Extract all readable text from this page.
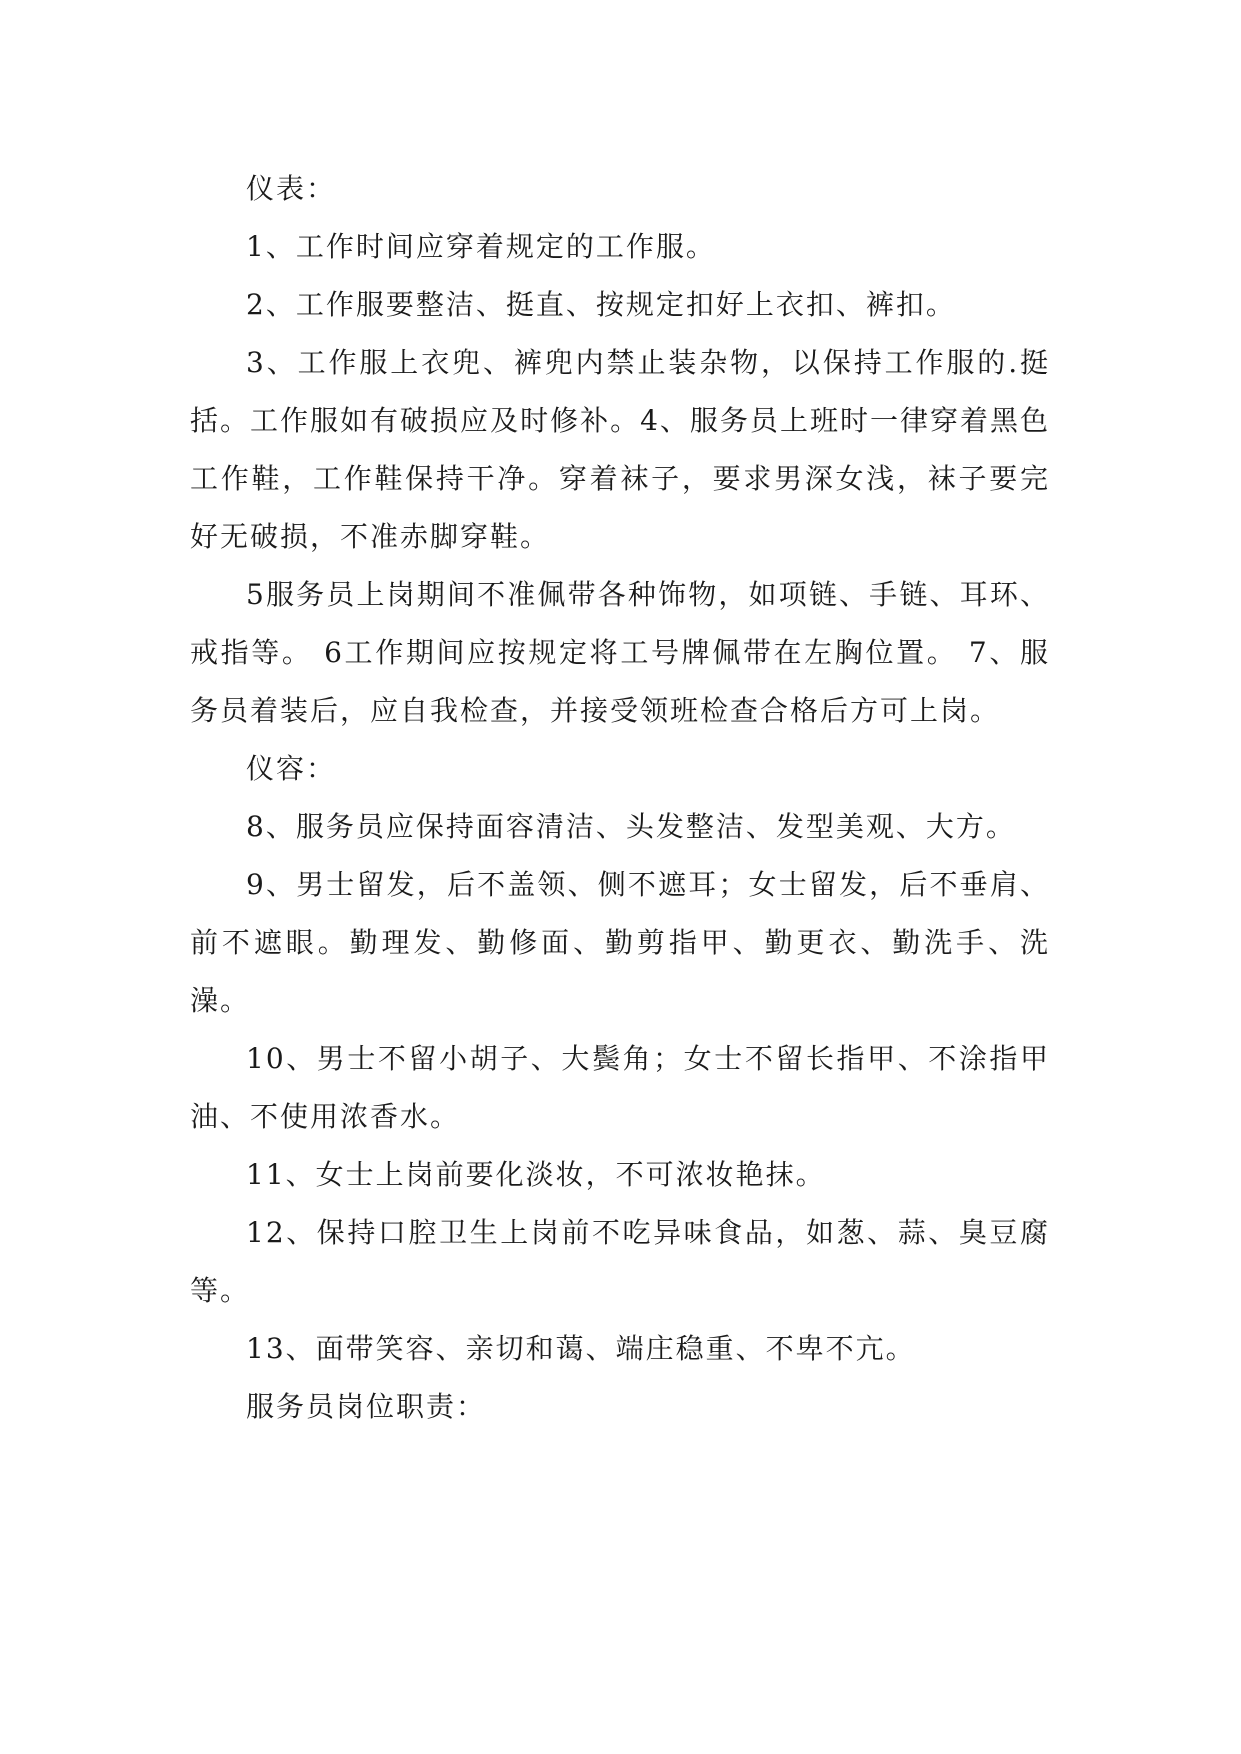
仪表：

1、工作时间应穿着规定的工作服。

2、工作服要整洁、挺直、按规定扣好上衣扣、裤扣。

3、工作服上衣兜、裤兜内禁止装杂物，以保持工作服的.挺括。工作服如有破损应及时修补。4、服务员上班时一律穿着黑色工作鞋，工作鞋保持干净。穿着袜子，要求男深女浅，袜子要完好无破损，不准赤脚穿鞋。

5服务员上岗期间不准佩带各种饰物，如项链、手链、耳环、戒指等。 6工作期间应按规定将工号牌佩带在左胸位置。 7、服务员着装后，应自我检查，并接受领班检查合格后方可上岗。

仪容：

8、服务员应保持面容清洁、头发整洁、发型美观、大方。

9、男士留发，后不盖领、侧不遮耳；女士留发，后不垂肩、前不遮眼。勤理发、勤修面、勤剪指甲、勤更衣、勤洗手、洗澡。

10、男士不留小胡子、大鬓角；女士不留长指甲、不涂指甲油、不使用浓香水。

11、女士上岗前要化淡妆，不可浓妆艳抹。

12、保持口腔卫生上岗前不吃异味食品，如葱、蒜、臭豆腐等。

13、面带笑容、亲切和蔼、端庄稳重、不卑不亢。

服务员岗位职责：
